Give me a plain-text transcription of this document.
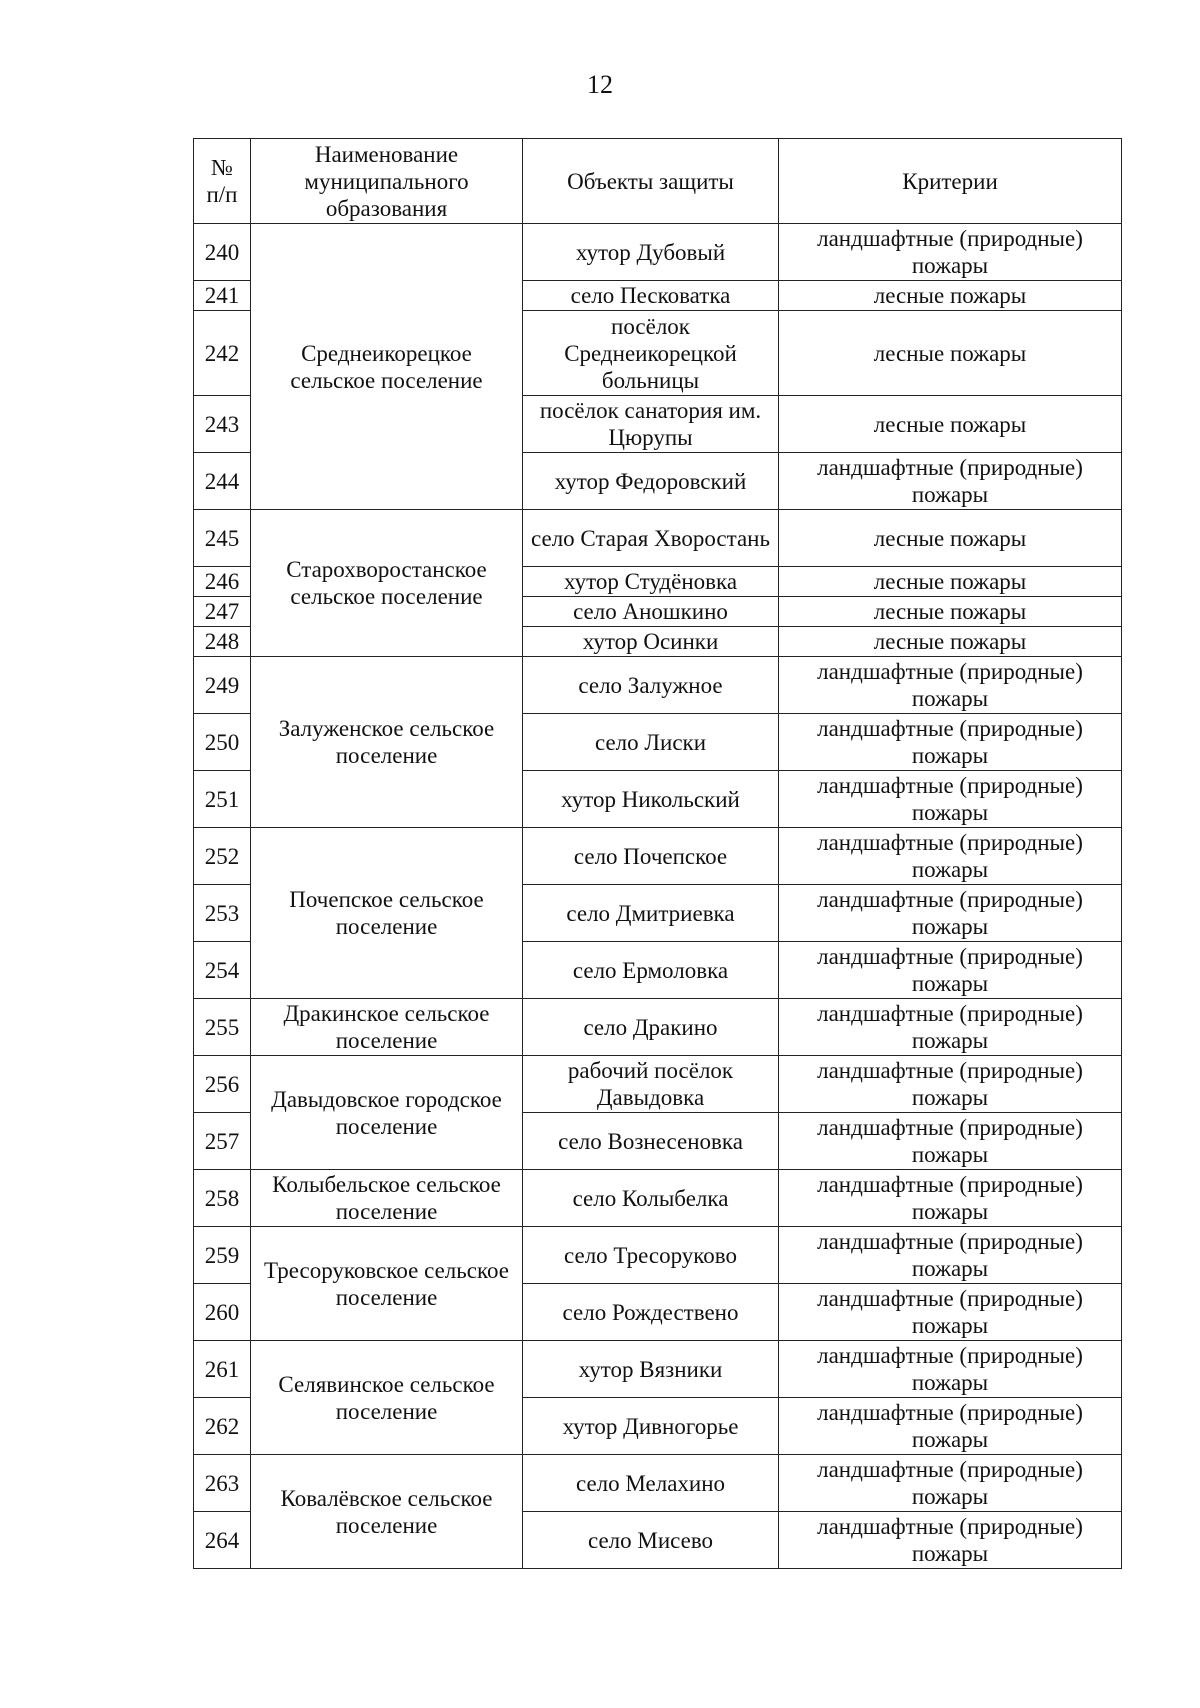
12
№ п/п	Наименование муниципального образования	Объекты защиты	Критерии
240	Среднеикорецкое сельское поселение	хутор Дубовый	ландшафтные (природные) пожары
241		село Песковатка	лесные пожары
242		посёлок Среднеикорецкой больницы	лесные пожары
243		посёлок санатория им. Цюрупы	лесные пожары
244		хутор Федоровский	ландшафтные (природные) пожары
245	Старохворостанское сельское поселение	село Старая Хворостань	лесные пожары
246		хутор Студёновка	лесные пожары
247		село Аношкино	лесные пожары
248		хутор Осинки	лесные пожары
249	Залуженское сельское поселение	село Залужное	ландшафтные (природные) пожары
250		село Лиски	ландшафтные (природные) пожары
251		хутор Никольский	ландшафтные (природные) пожары
252	Почепское сельское поселение	село Почепское	ландшафтные (природные) пожары
253		село Дмитриевка	ландшафтные (природные) пожары
254		село Ермоловка	ландшафтные (природные) пожары
255	Дракинское сельское поселение	село Дракино	ландшафтные (природные) пожары
256	Давыдовское городское поселение	рабочий посёлок Давыдовка	ландшафтные (природные) пожары
257		село Вознесеновка	ландшафтные (природные) пожары
258	Колыбельское сельское поселение	село Колыбелка	ландшафтные (природные) пожары
259	Тресоруковское сельское поселение	село Тресоруково	ландшафтные (природные) пожары
260		село Рождествено	ландшафтные (природные) пожары
261	Селявинское сельское поселение	хутор Вязники	ландшафтные (природные) пожары
262		хутор Дивногорье	ландшафтные (природные) пожары
263	Ковалёвское сельское поселение	село Мелахино	ландшафтные (природные) пожары
264		село Мисево	ландшафтные (природные) пожары
